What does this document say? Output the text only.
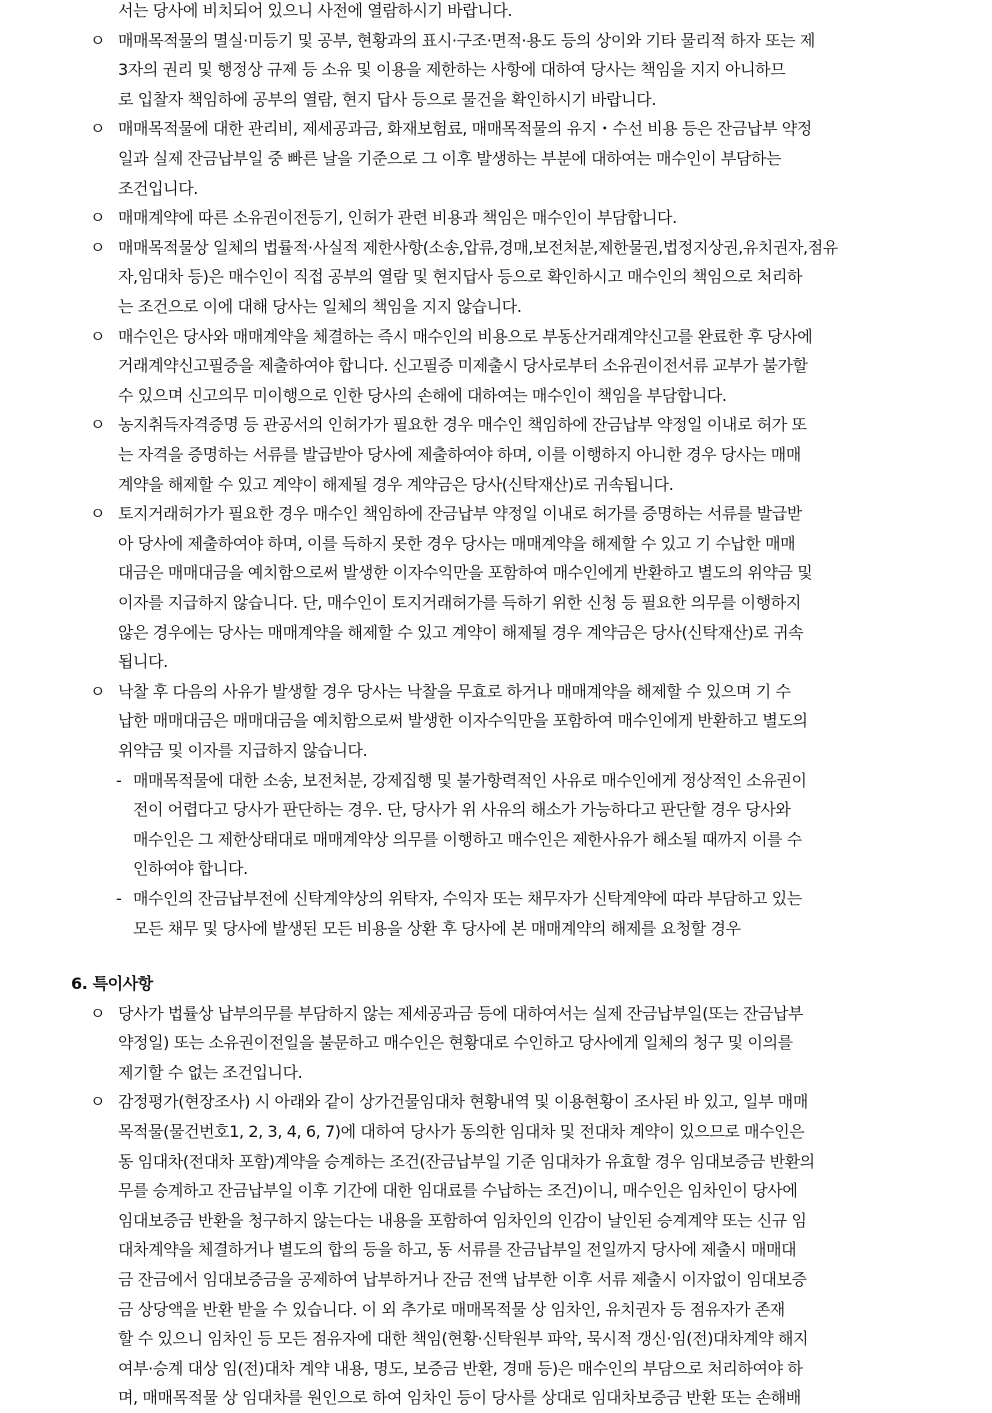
서는 당사에 비치되어 있으니 사전에 열람하시기 바랍니다.
ㅇ 매매목적물의 멸실·미등기 및 공부, 현황과의 표시·구조·면적·용도 등의 상이와 기타 물리적 하자 또는 제
3자의 권리 및 행정상 규제 등 소유 및 이용을 제한하는 사항에 대하여 당사는 책임을 지지 아니하므
로 입찰자 책임하에 공부의 열람, 현지 답사 등으로 물건을 확인하시기 바랍니다.
ㅇ 매매목적물에 대한 관리비, 제세공과금, 화재보험료, 매매목적물의 유지・수선 비용 등은 잔금납부 약정
일과 실제 잔금납부일 중 빠른 날을 기준으로 그 이후 발생하는 부분에 대하여는 매수인이 부담하는
조건입니다.
ㅇ 매매계약에 따른 소유권이전등기, 인허가 관련 비용과 책임은 매수인이 부담합니다.
ㅇ 매매목적물상 일체의 법률적·사실적 제한사항(소송,압류,경매,보전처분,제한물권,법정지상권,유치권자,점유
자,임대차 등)은 매수인이 직접 공부의 열람 및 현지답사 등으로 확인하시고 매수인의 책임으로 처리하
는 조건으로 이에 대해 당사는 일체의 책임을 지지 않습니다.
ㅇ 매수인은 당사와 매매계약을 체결하는 즉시 매수인의 비용으로 부동산거래계약신고를 완료한 후 당사에
거래계약신고필증을 제출하여야 합니다. 신고필증 미제출시 당사로부터 소유권이전서류 교부가 불가할
수 있으며 신고의무 미이행으로 인한 당사의 손해에 대하여는 매수인이 책임을 부담합니다.
ㅇ 농지취득자격증명 등 관공서의 인허가가 필요한 경우 매수인 책임하에 잔금납부 약정일 이내로 허가 또
는 자격을 증명하는 서류를 발급받아 당사에 제출하여야 하며, 이를 이행하지 아니한 경우 당사는 매매
계약을 해제할 수 있고 계약이 해제될 경우 계약금은 당사(신탁재산)로 귀속됩니다.
ㅇ 토지거래허가가 필요한 경우 매수인 책임하에 잔금납부 약정일 이내로 허가를 증명하는 서류를 발급받
아 당사에 제출하여야 하며, 이를 득하지 못한 경우 당사는 매매계약을 해제할 수 있고 기 수납한 매매
대금은 매매대금을 예치함으로써 발생한 이자수익만을 포함하여 매수인에게 반환하고 별도의 위약금 및
이자를 지급하지 않습니다. 단, 매수인이 토지거래허가를 득하기 위한 신청 등 필요한 의무를 이행하지
않은 경우에는 당사는 매매계약을 해제할 수 있고 계약이 해제될 경우 계약금은 당사(신탁재산)로 귀속
됩니다.
ㅇ 낙찰 후 다음의 사유가 발생할 경우 당사는 낙찰을 무효로 하거나 매매계약을 해제할 수 있으며 기 수
납한 매매대금은 매매대금을 예치함으로써 발생한 이자수익만을 포함하여 매수인에게 반환하고 별도의
위약금 및 이자를 지급하지 않습니다.
- 매매목적물에 대한 소송, 보전처분, 강제집행 및 불가항력적인 사유로 매수인에게 정상적인 소유권이
전이 어렵다고 당사가 판단하는 경우. 단, 당사가 위 사유의 해소가 가능하다고 판단할 경우 당사와
매수인은 그 제한상태대로 매매계약상 의무를 이행하고 매수인은 제한사유가 해소될 때까지 이를 수
인하여야 합니다.
- 매수인의 잔금납부전에 신탁계약상의 위탁자, 수익자 또는 채무자가 신탁계약에 따라 부담하고 있는
모든 채무 및 당사에 발생된 모든 비용을 상환 후 당사에 본 매매계약의 해제를 요청할 경우
6. 특이사항
ㅇ 당사가 법률상 납부의무를 부담하지 않는 제세공과금 등에 대하여서는 실제 잔금납부일(또는 잔금납부
약정일) 또는 소유권이전일을 불문하고 매수인은 현황대로 수인하고 당사에게 일체의 청구 및 이의를
제기할 수 없는 조건입니다.
ㅇ 감정평가(현장조사) 시 아래와 같이 상가건물임대차 현황내역 및 이용현황이 조사된 바 있고, 일부 매매
목적물(물건번호1, 2, 3, 4, 6, 7)에 대하여 당사가 동의한 임대차 및 전대차 계약이 있으므로 매수인은
동 임대차(전대차 포함)계약을 승계하는 조건(잔금납부일 기준 임대차가 유효할 경우 임대보증금 반환의
무를 승계하고 잔금납부일 이후 기간에 대한 임대료를 수납하는 조건)이니, 매수인은 임차인이 당사에
임대보증금 반환을 청구하지 않는다는 내용을 포함하여 임차인의 인감이 날인된 승계계약 또는 신규 임
대차계약을 체결하거나 별도의 합의 등을 하고, 동 서류를 잔금납부일 전일까지 당사에 제출시 매매대
금 잔금에서 임대보증금을 공제하여 납부하거나 잔금 전액 납부한 이후 서류 제출시 이자없이 임대보증
금 상당액을 반환 받을 수 있습니다. 이 외 추가로 매매목적물 상 임차인, 유치권자 등 점유자가 존재
할 수 있으니 임차인 등 모든 점유자에 대한 책임(현황·신탁원부 파악, 묵시적 갱신·임(전)대차계약 해지
여부·승계 대상 임(전)대차 계약 내용, 명도, 보증금 반환, 경매 등)은 매수인의 부담으로 처리하여야 하
며, 매매목적물 상 임대차를 원인으로 하여 임차인 등이 당사를 상대로 임대차보증금 반환 또는 손해배
